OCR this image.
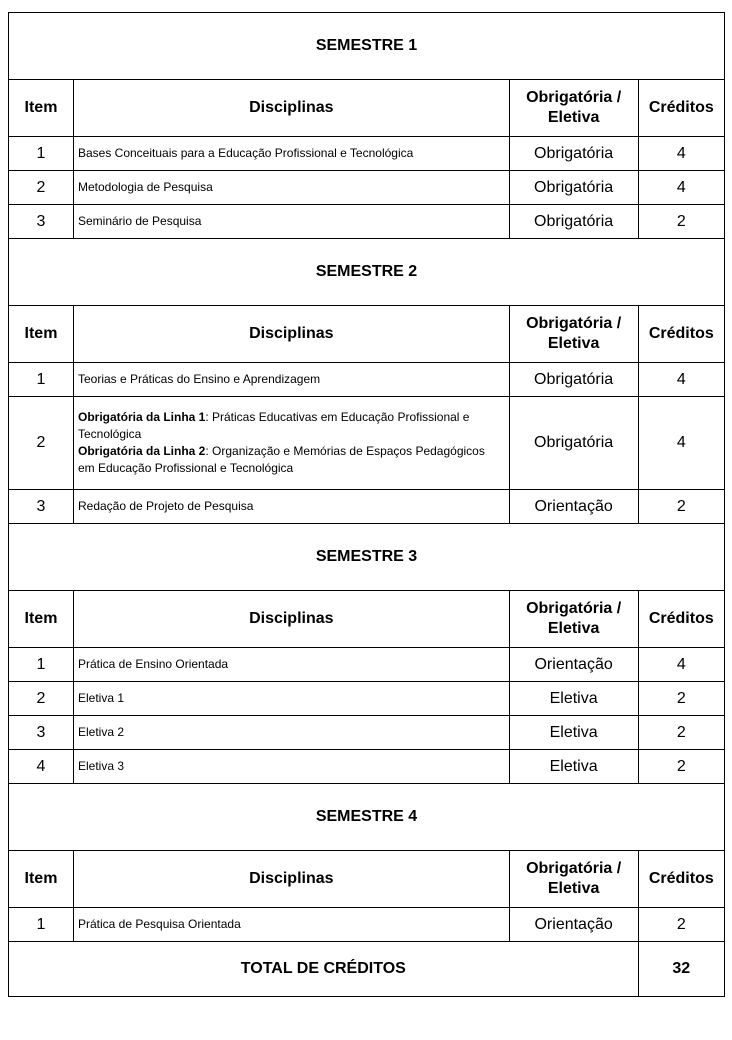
SEMESTRE 1			
Item	Disciplinas	Obrigatória / Eletiva	Créditos
1	Bases Conceituais para a Educação Profissional e Tecnológica	Obrigatória	4
2	Metodologia de Pesquisa	Obrigatória	4
3	Seminário de Pesquisa	Obrigatória	2
SEMESTRE 2			
Item	Disciplinas	Obrigatória / Eletiva	Créditos
1	Teorias e Práticas do Ensino e Aprendizagem	Obrigatória	4
2	Obrigatória da Linha 1: Práticas Educativas em Educação Profissional e Tecnológica
Obrigatória da Linha 2: Organização e Memórias de Espaços Pedagógicos em Educação Profissional e Tecnológica	Obrigatória	4
3	Redação de Projeto de Pesquisa	Orientação	2
SEMESTRE 3			
Item	Disciplinas	Obrigatória / Eletiva	Créditos
1	Prática de Ensino Orientada	Orientação	4
2	Eletiva 1	Eletiva	2
3	Eletiva 2	Eletiva	2
4	Eletiva 3	Eletiva	2
SEMESTRE 4			
Item	Disciplinas	Obrigatória / Eletiva	Créditos
1	Prática de Pesquisa Orientada	Orientação	2
TOTAL DE CRÉDITOS			32
